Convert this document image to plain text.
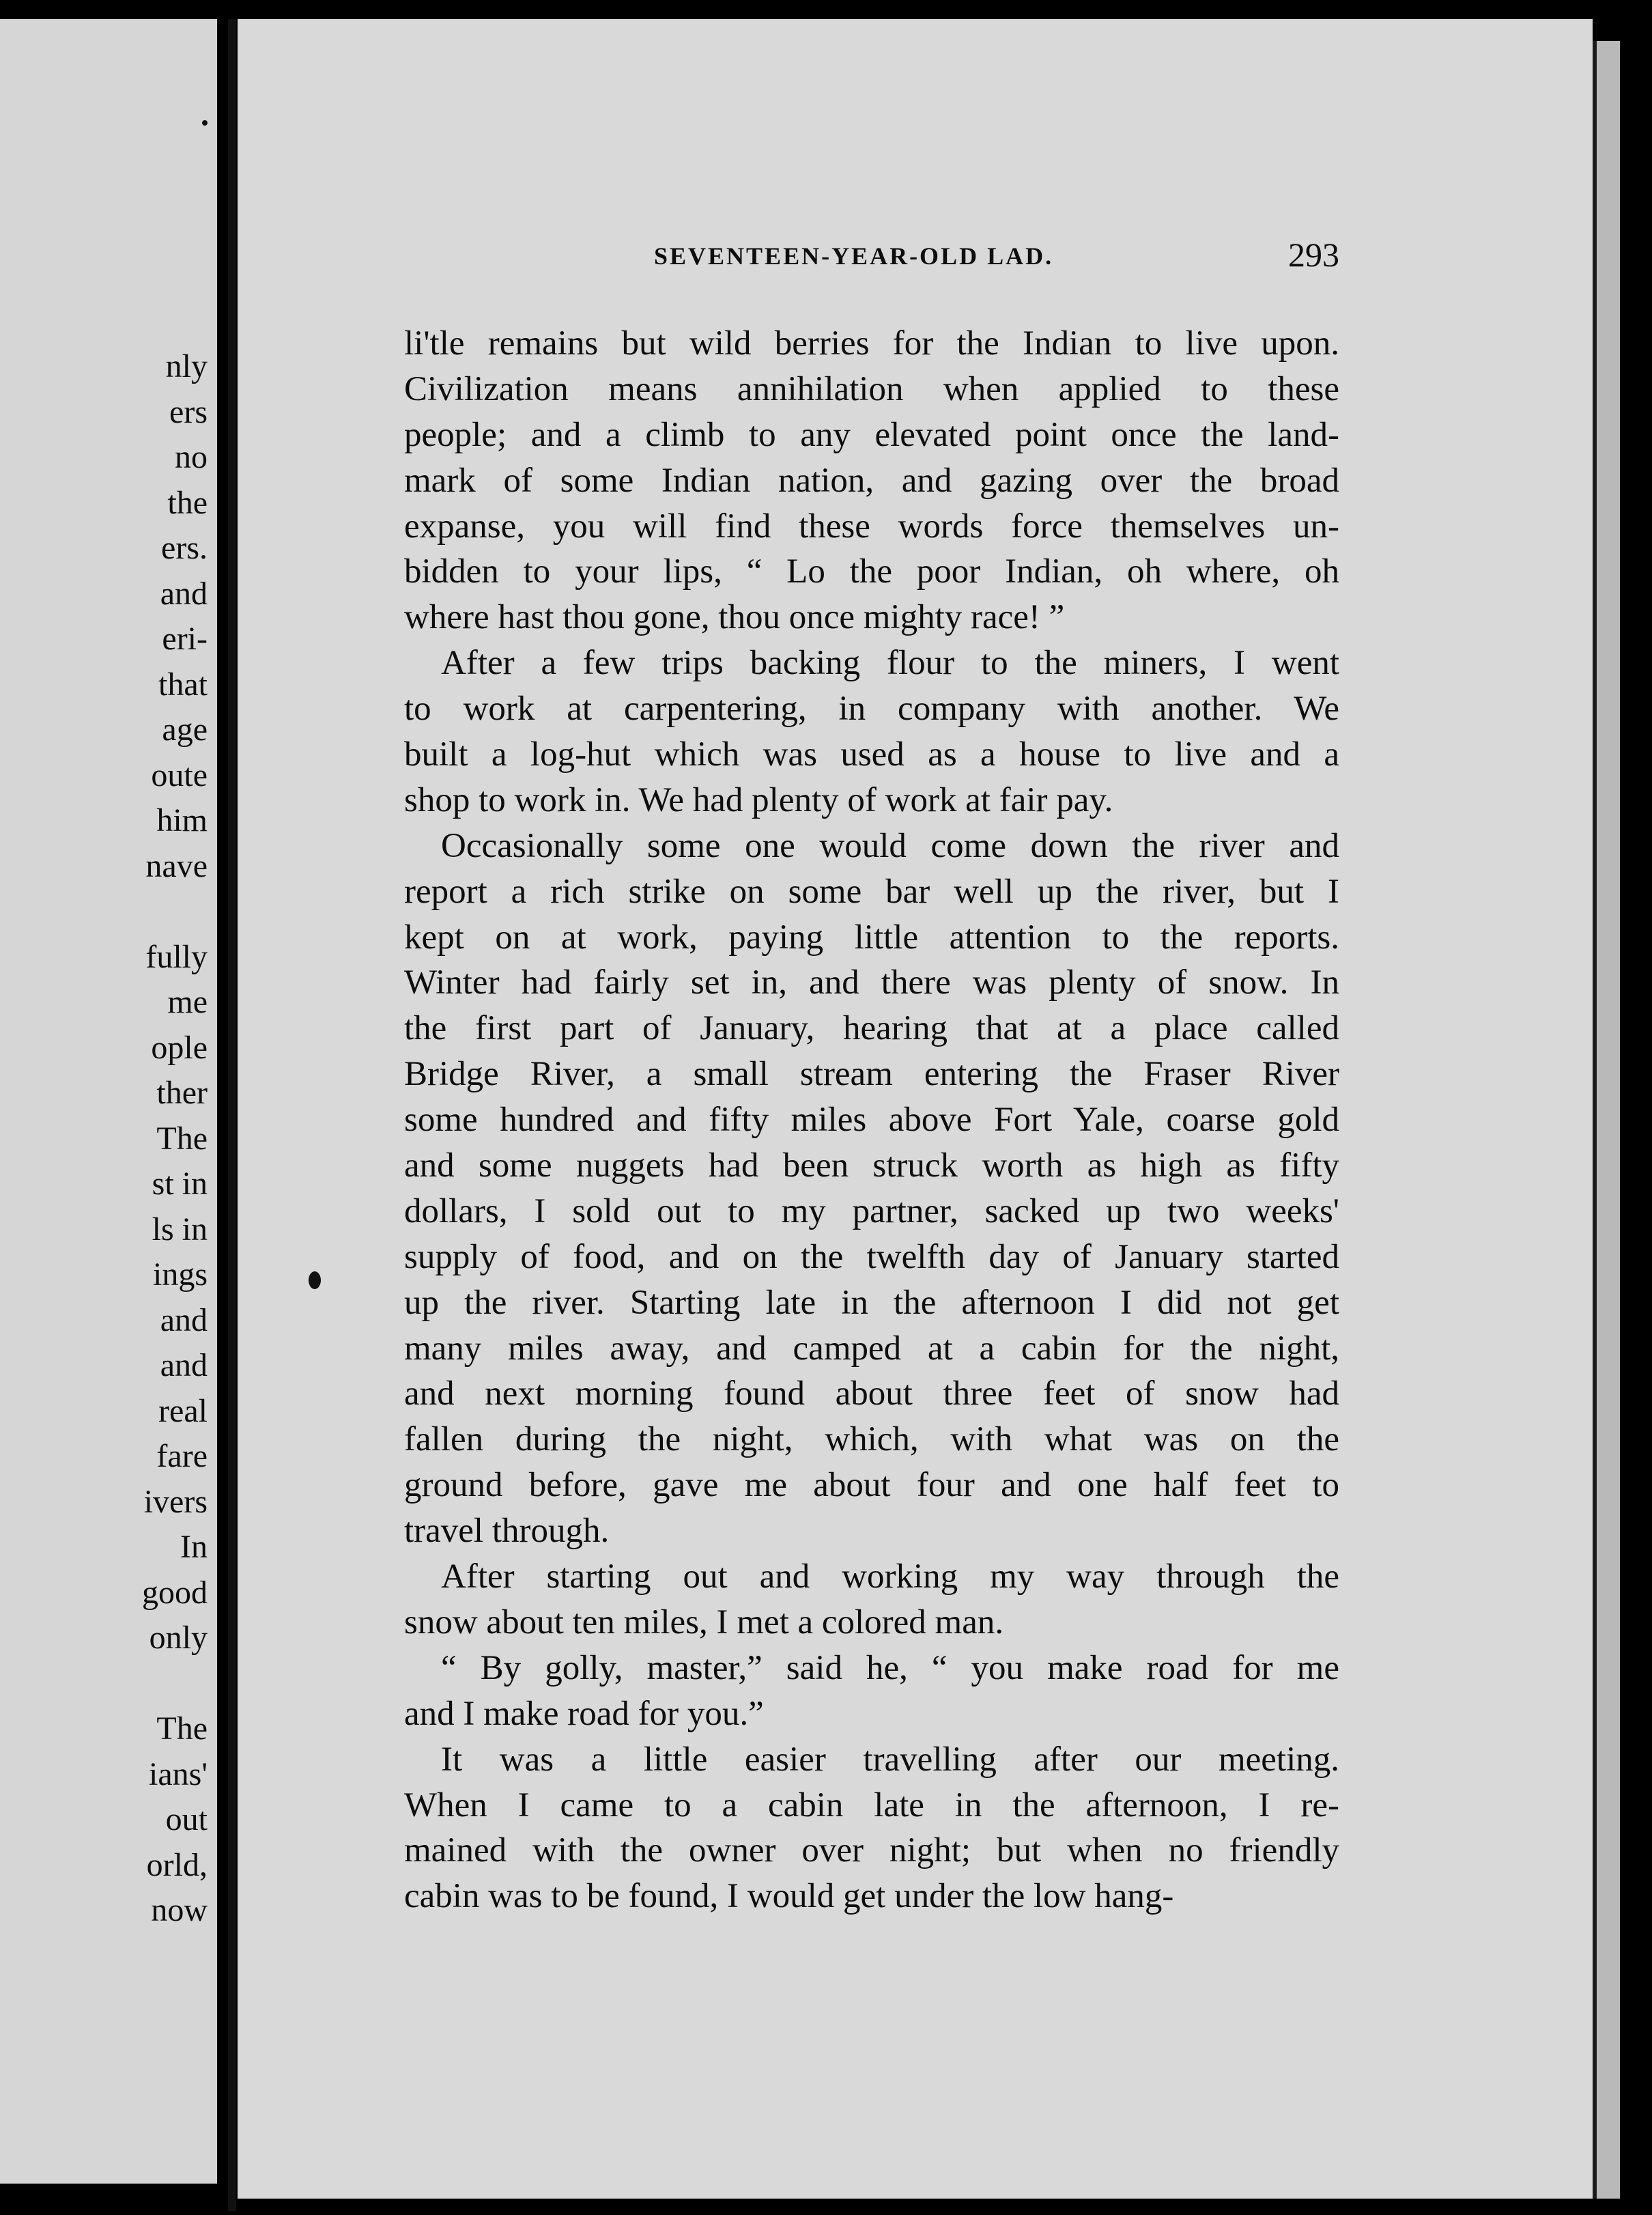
nly
ers
no
the
ers.
and
eri-
that
age
oute
him
nave
fully
me
ople
ther
The
st in
ls in
ings
and
and
real
fare
ivers
In
good
only
The
ians'
out
orld,
now
SEVENTEEN-YEAR-OLD LAD.	293

li'tle remains but wild berries for the Indian to live upon.
Civilization means annihilation when applied to these
people; and a climb to any elevated point once the land-
mark of some Indian nation, and gazing over the broad
expanse, you will find these words force themselves un-
bidden to your lips, “ Lo the poor Indian, oh where, oh
where hast thou gone, thou once mighty race! ”

After a few trips backing flour to the miners, I went
to work at carpentering, in company with another. We
built a log-hut which was used as a house to live and a
shop to work in. We had plenty of work at fair pay.

Occasionally some one would come down the river and
report a rich strike on some bar well up the river, but I
kept on at work, paying little attention to the reports.
Winter had fairly set in, and there was plenty of snow. In
the first part of January, hearing that at a place called
Bridge River, a small stream entering the Fraser River
some hundred and fifty miles above Fort Yale, coarse gold
and some nuggets had been struck worth as high as fifty
dollars, I sold out to my partner, sacked up two weeks'
supply of food, and on the twelfth day of January started
up the river. Starting late in the afternoon I did not get
many miles away, and camped at a cabin for the night,
and next morning found about three feet of snow had
fallen during the night, which, with what was on the
ground before, gave me about four and one half feet to
travel through.

After starting out and working my way through the
snow about ten miles, I met a colored man.

“ By golly, master,” said he, “ you make road for me
and I make road for you.”

It was a little easier travelling after our meeting.
When I came to a cabin late in the afternoon, I re-
mained with the owner over night; but when no friendly
cabin was to be found, I would get under the low hang-
